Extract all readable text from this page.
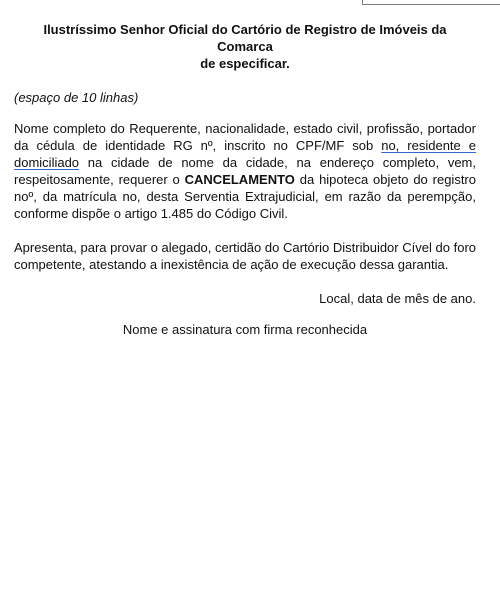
Ilustríssimo Senhor Oficial do Cartório de Registro de Imóveis da Comarca
de especificar.

(espaço de 10 linhas)

Nome completo do Requerente, nacionalidade, estado civil, profissão, portador da cédula de identidade RG nº, inscrito no CPF/MF sob no, residente e domiciliado na cidade de nome da cidade, na endereço completo, vem, respeitosamente, requerer o CANCELAMENTO da hipoteca objeto do registro noº, da matrícula no, desta Serventia Extrajudicial, em razão da perempção, conforme dispõe o artigo 1.485 do Código Civil.

Apresenta, para provar o alegado, certidão do Cartório Distribuidor Cível do foro competente, atestando a inexistência de ação de execução dessa garantia.

Local, data de mês de ano.

Nome e assinatura com firma reconhecida
